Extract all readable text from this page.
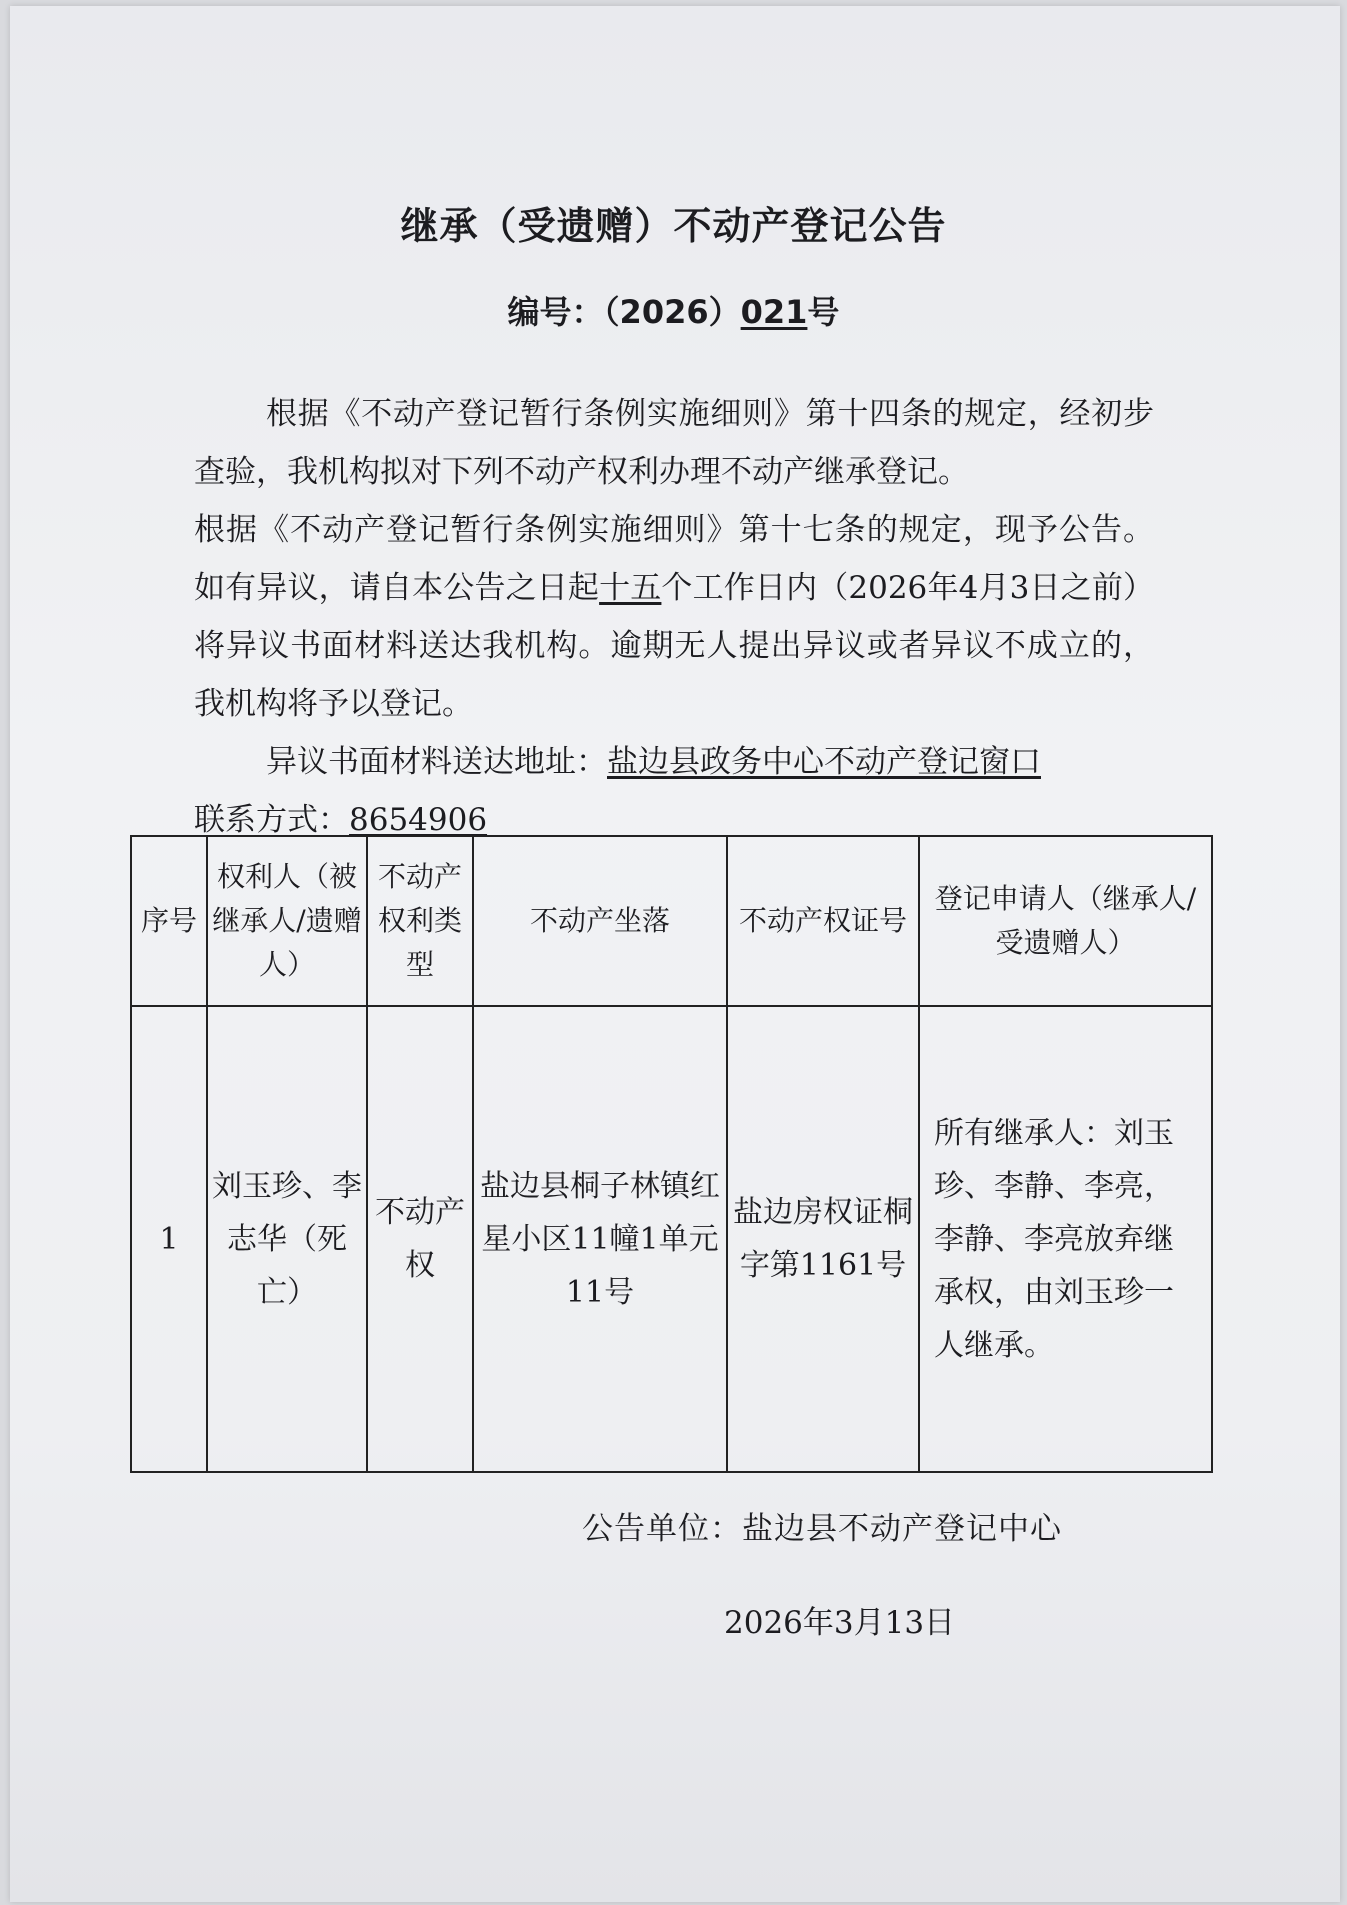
继承（受遗赠）不动产登记公告
编号：（2026）021号

根据《不动产登记暂行条例实施细则》第十四条的规定，经初步查验，我机构拟对下列不动产权利办理不动产继承登记。

根据《不动产登记暂行条例实施细则》第十七条的规定，现予公告。如有异议，请自本公告之日起十五个工作日内（2026年4月3日之前）将异议书面材料送达我机构。逾期无人提出异议或者异议不成立的，我机构将予以登记。

异议书面材料送达地址：盐边县政务中心不动产登记窗口

联系方式：8654906

序号	权利人（被继承人/遗赠人）	不动产权利类型	不动产坐落	不动产权证号	登记申请人（继承人/受遗赠人）
1	刘玉珍、李志华（死亡）	不动产权	盐边县桐子林镇红星小区11幢1单元11号	盐边房权证桐字第1161号	所有继承人：刘玉珍、李静、李亮，李静、李亮放弃继承权，由刘玉珍一人继承。
公告单位：盐边县不动产登记中心
2026年3月13日
